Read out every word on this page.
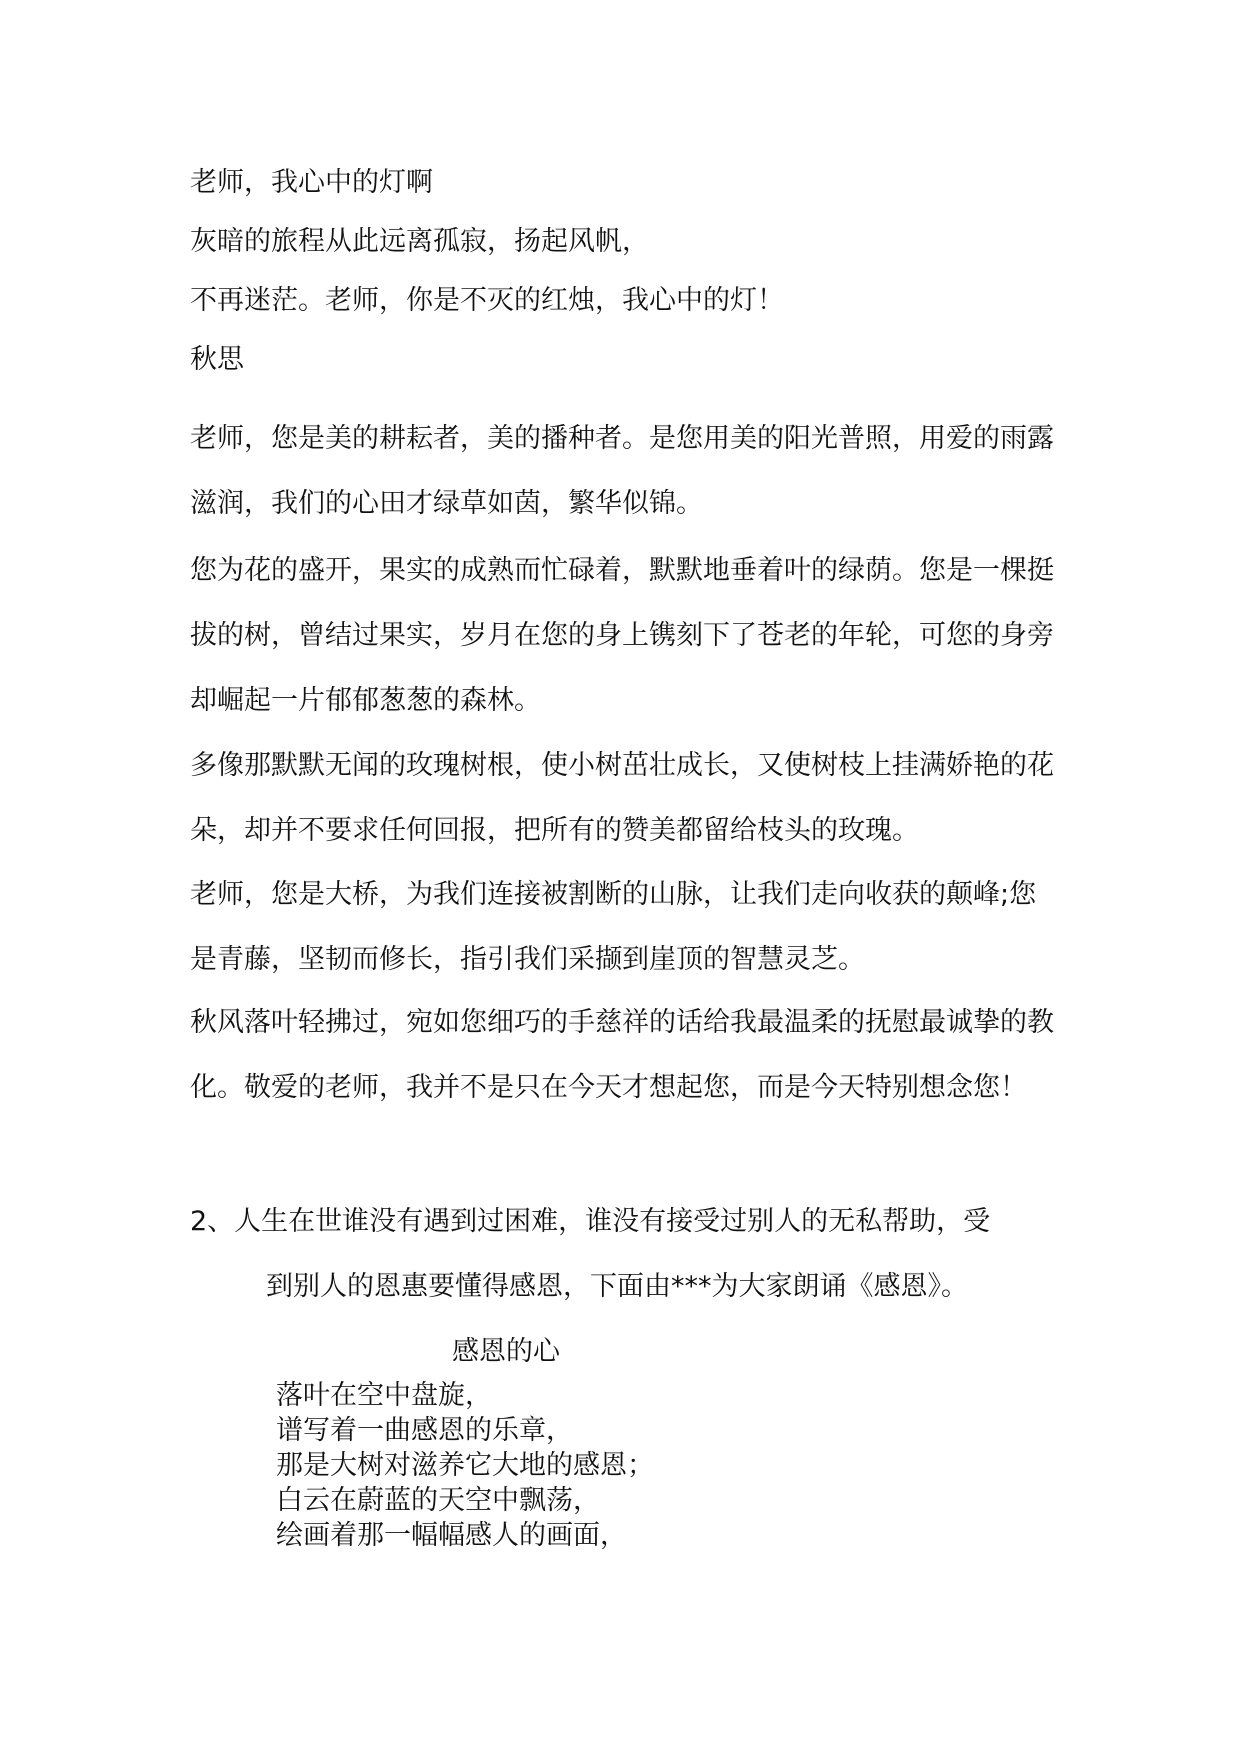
老师，我心中的灯啊

灰暗的旅程从此远离孤寂，扬起风帆，

不再迷茫。老师，你是不灭的红烛，我心中的灯！

秋思

老师，您是美的耕耘者，美的播种者。是您用美的阳光普照，用爱的雨露滋润，我们的心田才绿草如茵，繁华似锦。

您为花的盛开，果实的成熟而忙碌着，默默地垂着叶的绿荫。您是一棵挺拔的树，曾结过果实，岁月在您的身上镌刻下了苍老的年轮，可您的身旁却崛起一片郁郁葱葱的森林。

多像那默默无闻的玫瑰树根，使小树茁壮成长，又使树枝上挂满娇艳的花朵，却并不要求任何回报，把所有的赞美都留给枝头的玫瑰。

老师，您是大桥，为我们连接被割断的山脉，让我们走向收获的颠峰;您是青藤，坚韧而修长，指引我们采撷到崖顶的智慧灵芝。

秋风落叶轻拂过，宛如您细巧的手慈祥的话给我最温柔的抚慰最诚挚的教化。敬爱的老师，我并不是只在今天才想起您，而是今天特别想念您！

2、人生在世谁没有遇到过困难，谁没有接受过别人的无私帮助，受
到别人的恩惠要懂得感恩，下面由***为大家朗诵《感恩》。

感恩的心

落叶在空中盘旋，
谱写着一曲感恩的乐章，
那是大树对滋养它大地的感恩；
白云在蔚蓝的天空中飘荡，
绘画着那一幅幅感人的画面，
